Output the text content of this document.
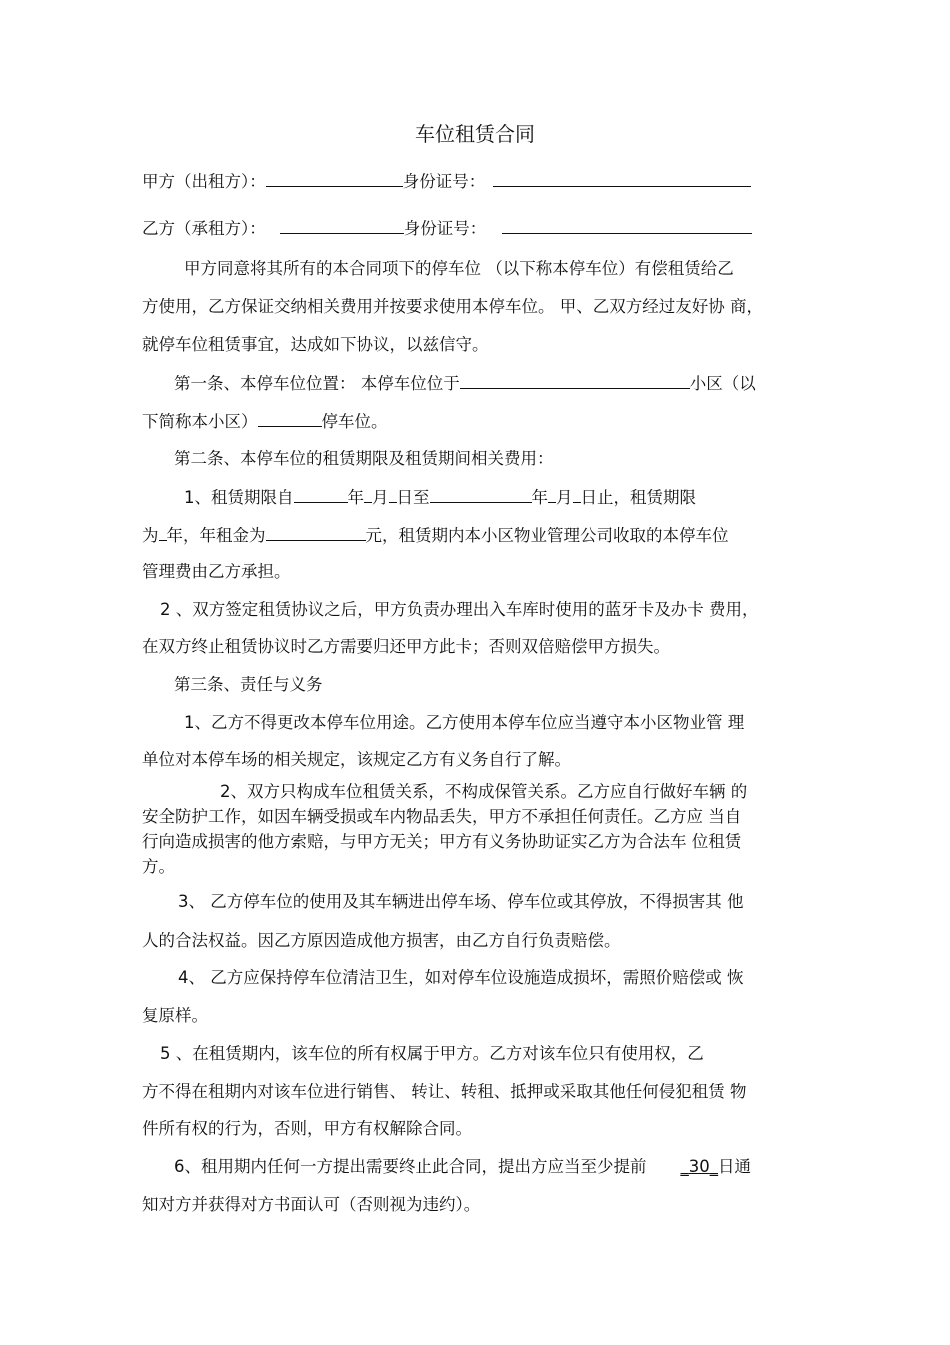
车位租赁合同

甲方（出租方）：	身份证号：

乙方（承租方）：	身份证号：

甲方同意将其所有的本合同项下的停车位 （以下称本停车位）有偿租赁给乙

方使用，乙方保证交纳相关费用并按要求使用本停车位。 甲、乙双方经过友好协 商，

就停车位租赁事宜，达成如下协议，以兹信守。

第一条、本停车位位置： 本停车位位于	小区（以

下简称本小区）	停车位。

第二条、本停车位的租赁期限及租赁期间相关费用：

1、租赁期限自	年 月 日至	年 月 日止，租赁期限

为 年，年租金为	元，租赁期内本小区物业管理公司收取的本停车位

管理费由乙方承担。

2 、双方签定租赁协议之后，甲方负责办理出入车库时使用的蓝牙卡及办卡 费用，

在双方终止租赁协议时乙方需要归还甲方此卡；否则双倍赔偿甲方损失。

第三条、责任与义务

1、乙方不得更改本停车位用途。乙方使用本停车位应当遵守本小区物业管 理

单位对本停车场的相关规定，该规定乙方有义务自行了解。

2、双方只构成车位租赁关系，不构成保管关系。乙方应自行做好车辆 的

安全防护工作，如因车辆受损或车内物品丢失，甲方不承担任何责任。乙方应 当自

行向造成损害的他方索赔，与甲方无关；甲方有义务协助证实乙方为合法车 位租赁

方。

3、 乙方停车位的使用及其车辆进出停车场、停车位或其停放，不得损害其 他

人的合法权益。因乙方原因造成他方损害，由乙方自行负责赔偿。

4、 乙方应保持停车位清洁卫生，如对停车位设施造成损坏，需照价赔偿或 恢

复原样。

5 、在租赁期内，该车位的所有权属于甲方。乙方对该车位只有使用权，乙

方不得在租期内对该车位进行销售、 转让、转租、抵押或采取其他任何侵犯租赁 物

件所有权的行为，否则，甲方有权解除合同。

6、租用期内任何一方提出需要终止此合同，提出方应当至少提前 _30_日通

知对方并获得对方书面认可（否则视为违约）。
